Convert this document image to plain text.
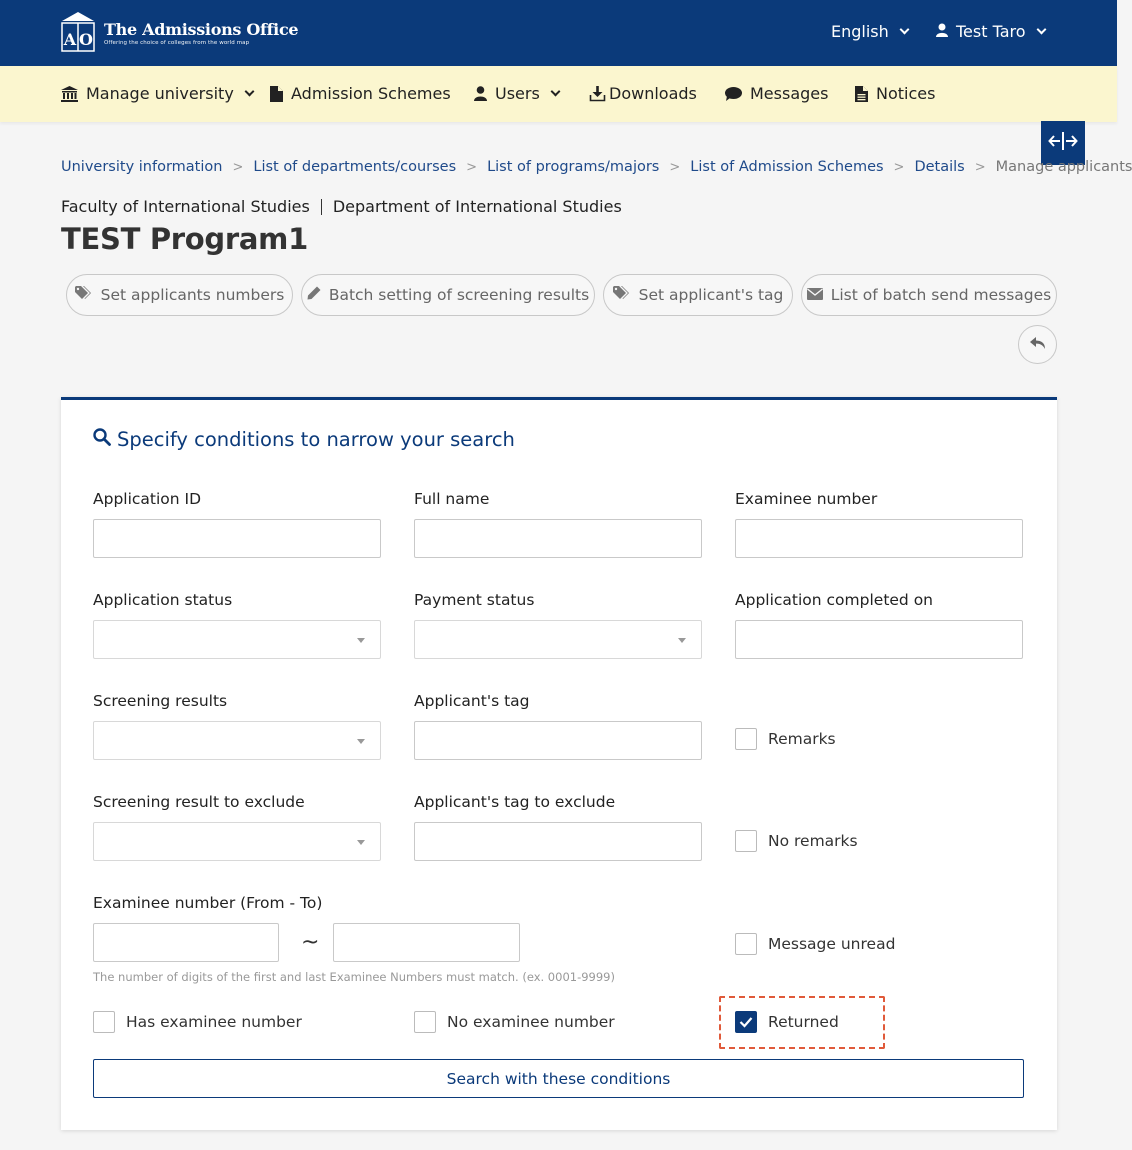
A O
The Admissions Office
Offering the choice of colleges from the world map
English	Test Taro
Manage university	Admission Schemes	Users	Downloads	Messages	Notices
University information > List of departments/courses > List of programs/majors > List of Admission Schemes > Details > Manage applicants
Faculty of International Studies Department of International Studies
TEST Program1
Set applicants numbers	Batch setting of screening results	Set applicant's tag	List of batch send messages
Specify conditions to narrow your search
Application ID	Full name	Examinee number
Application status	Payment status	Application completed on
Screening results	Applicant's tag
Remarks
Screening result to exclude	Applicant's tag to exclude
No remarks
Examinee number (From - To)
~
The number of digits of the first and last Examinee Numbers must match. (ex. 0001-9999)
Message unread
Has examinee number	No examinee number	Returned
Search with these conditions
